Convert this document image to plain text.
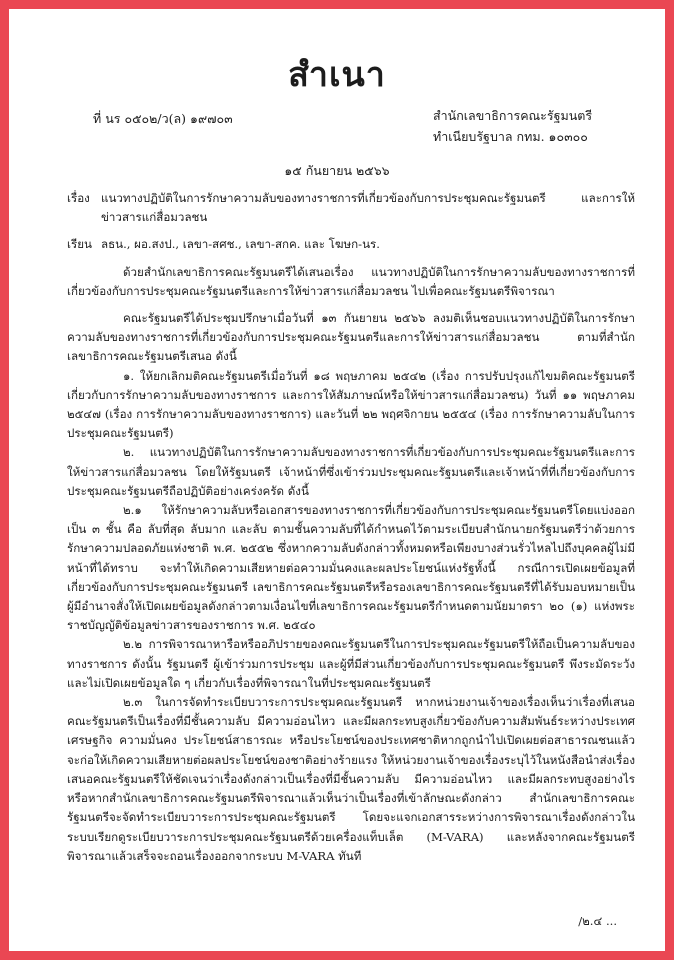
สำเนา
ที่ นร ๐๕๐๒/ว(ล) ๑๙๗๐๓	สำนักเลขาธิการคณะรัฐมนตรี
ทำเนียบรัฐบาล กทม. ๑๐๓๐๐
๑๕ กันยายน ๒๕๖๖
เรื่อง แนวทางปฏิบัติในการรักษาความลับของทางราชการที่เกี่ยวข้องกับการประชุมคณะรัฐมนตรี และการให้ข่าวสารแก่สื่อมวลชน
เรียน ลธน., ผอ.สงป., เลขา-สศช., เลขา-สกค. และ โฆษก-นร.

ด้วยสำนักเลขาธิการคณะรัฐมนตรีได้เสนอเรื่อง แนวทางปฏิบัติในการรักษาความลับของทางราชการที่เกี่ยวข้องกับการประชุมคณะรัฐมนตรีและการให้ข่าวสารแก่สื่อมวลชน ไปเพื่อคณะรัฐมนตรีพิจารณา

คณะรัฐมนตรีได้ประชุมปรึกษาเมื่อวันที่ ๑๓ กันยายน ๒๕๖๖ ลงมติเห็นชอบแนวทางปฏิบัติในการรักษาความลับของทางราชการที่เกี่ยวข้องกับการประชุมคณะรัฐมนตรีและการให้ข่าวสารแก่สื่อมวลชน ตามที่สำนักเลขาธิการคณะรัฐมนตรีเสนอ ดังนี้

๑. ให้ยกเลิกมติคณะรัฐมนตรีเมื่อวันที่ ๑๘ พฤษภาคม ๒๕๔๒ (เรื่อง การปรับปรุงแก้ไขมติคณะรัฐมนตรีเกี่ยวกับการรักษาความลับของทางราชการ และการให้สัมภาษณ์หรือให้ข่าวสารแก่สื่อมวลชน) วันที่ ๑๑ พฤษภาคม ๒๕๔๗ (เรื่อง การรักษาความลับของทางราชการ) และวันที่ ๒๒ พฤศจิกายน ๒๕๕๔ (เรื่อง การรักษาความลับในการประชุมคณะรัฐมนตรี)

๒. แนวทางปฏิบัติในการรักษาความลับของทางราชการที่เกี่ยวข้องกับการประชุมคณะรัฐมนตรีและการให้ข่าวสารแก่สื่อมวลชน โดยให้รัฐมนตรี เจ้าหน้าที่ซึ่งเข้าร่วมประชุมคณะรัฐมนตรีและเจ้าหน้าที่ที่เกี่ยวข้องกับการประชุมคณะรัฐมนตรีถือปฏิบัติอย่างเคร่งครัด ดังนี้

๒.๑ ให้รักษาความลับหรือเอกสารของทางราชการที่เกี่ยวข้องกับการประชุมคณะรัฐมนตรีโดยแบ่งออกเป็น ๓ ชั้น คือ ลับที่สุด ลับมาก และลับ ตามชั้นความลับที่ได้กำหนดไว้ตามระเบียบสำนักนายกรัฐมนตรีว่าด้วยการรักษาความปลอดภัยแห่งชาติ พ.ศ. ๒๕๕๒ ซึ่งหากความลับดังกล่าวทั้งหมดหรือเพียงบางส่วนรั่วไหลไปถึงบุคคลผู้ไม่มีหน้าที่ได้ทราบ จะทำให้เกิดความเสียหายต่อความมั่นคงและผลประโยชน์แห่งรัฐทั้งนี้ กรณีการเปิดเผยข้อมูลที่เกี่ยวข้องกับการประชุมคณะรัฐมนตรี เลขาธิการคณะรัฐมนตรีหรือรองเลขาธิการคณะรัฐมนตรีที่ได้รับมอบหมายเป็นผู้มีอำนาจสั่งให้เปิดเผยข้อมูลดังกล่าวตามเงื่อนไขที่เลขาธิการคณะรัฐมนตรีกำหนดตามนัยมาตรา ๒๐ (๑) แห่งพระราชบัญญัติข้อมูลข่าวสารของราชการ พ.ศ. ๒๕๔๐

๒.๒ การพิจารณาหารือหรืออภิปรายของคณะรัฐมนตรีในการประชุมคณะรัฐมนตรีให้ถือเป็นความลับของทางราชการ ดังนั้น รัฐมนตรี ผู้เข้าร่วมการประชุม และผู้ที่มีส่วนเกี่ยวข้องกับการประชุมคณะรัฐมนตรี พึงระมัดระวังและไม่เปิดเผยข้อมูลใด ๆ เกี่ยวกับเรื่องที่พิจารณาในที่ประชุมคณะรัฐมนตรี

๒.๓ ในการจัดทำระเบียบวาระการประชุมคณะรัฐมนตรี หากหน่วยงานเจ้าของเรื่องเห็นว่าเรื่องที่เสนอคณะรัฐมนตรีเป็นเรื่องที่มีชั้นความลับ มีความอ่อนไหว และมีผลกระทบสูงเกี่ยวข้องกับความสัมพันธ์ระหว่างประเทศ เศรษฐกิจ ความมั่นคง ประโยชน์สาธารณะ หรือประโยชน์ของประเทศชาติหากถูกนำไปเปิดเผยต่อสาธารณชนแล้วจะก่อให้เกิดความเสียหายต่อผลประโยชน์ของชาติอย่างร้ายแรง ให้หน่วยงานเจ้าของเรื่องระบุไว้ในหนังสือนำส่งเรื่องเสนอคณะรัฐมนตรีให้ชัดเจนว่าเรื่องดังกล่าวเป็นเรื่องที่มีชั้นความลับ มีความอ่อนไหว และมีผลกระทบสูงอย่างไร หรือหากสำนักเลขาธิการคณะรัฐมนตรีพิจารณาแล้วเห็นว่าเป็นเรื่องที่เข้าลักษณะดังกล่าว สำนักเลขาธิการคณะรัฐมนตรีจะจัดทำระเบียบวาระการประชุมคณะรัฐมนตรี โดยจะแจกเอกสารระหว่างการพิจารณาเรื่องดังกล่าวในระบบเรียกดูระเบียบวาระการประชุมคณะรัฐมนตรีด้วยเครื่องแท็บเล็ต (M-VARA) และหลังจากคณะรัฐมนตรีพิจารณาแล้วเสร็จจะถอนเรื่องออกจากระบบ M-VARA ทันที

/๒.๔ ...
